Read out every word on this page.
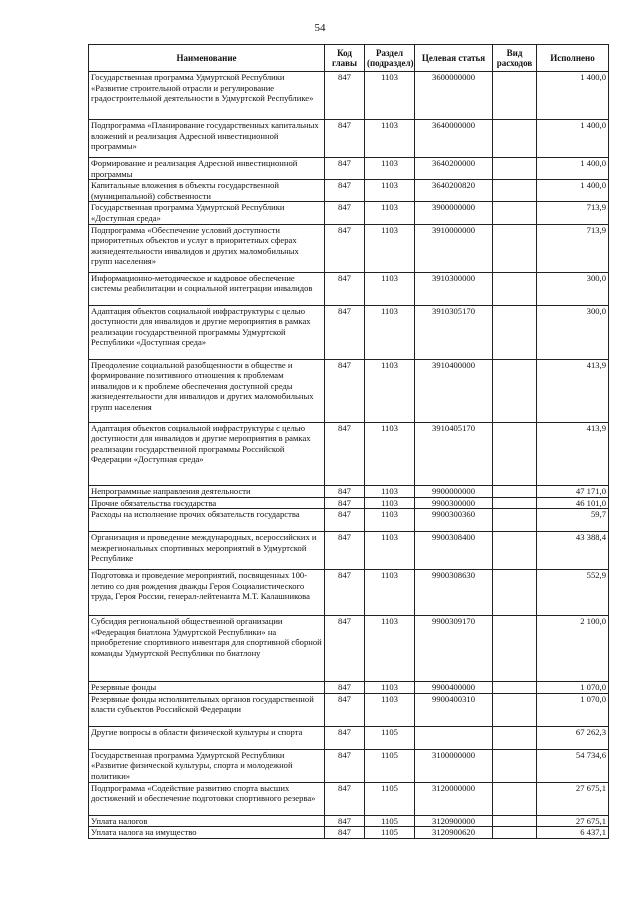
54
Наименование	Код главы	Раздел (подраздел)	Целевая статья	Вид расходов	Исполнено
Государственная программа Удмуртской Республики «Развитие строительной отрасли и регулирование градостроительной деятельности в Удмуртской Республике»	847	1103	3600000000		1 400,0
Подпрограмма «Планирование государственных капитальных вложений и реализация Адресной инвестиционной программы»	847	1103	3640000000		1 400,0
Формирование и реализация Адресной инвестиционной программы	847	1103	3640200000		1 400,0
Капитальные вложения в объекты государственной (муниципальной) собственности	847	1103	3640200820		1 400,0
Государственная программа Удмуртской Республики «Доступная среда»	847	1103	3900000000		713,9
Подпрограмма «Обеспечение условий доступности приоритетных объектов и услуг в приоритетных сферах жизнедеятельности инвалидов и других маломобильных групп населения»	847	1103	3910000000		713,9
Информационно-методическое и кадровое обеспечение системы реабилитации и социальной интеграции инвалидов	847	1103	3910300000		300,0
Адаптация объектов социальной инфраструктуры с целью доступности для инвалидов и другие мероприятия в рамках реализации государственной программы Удмуртской Республики «Доступная среда»	847	1103	3910305170		300,0
Преодоление социальной разобщенности в обществе и формирование позитивного отношения к проблемам инвалидов и к проблеме обеспечения доступной среды жизнедеятельности для инвалидов и других маломобильных групп населения	847	1103	3910400000		413,9
Адаптация объектов социальной инфраструктуры с целью доступности для инвалидов и другие мероприятия в рамках реализации государственной программы Российской Федерации «Доступная среда»	847	1103	3910405170		413,9
Непрограммные направления деятельности	847	1103	9900000000		47 171,0
Прочие обязательства государства	847	1103	9900300000		46 101,0
Расходы на исполнение прочих обязательств государства	847	1103	9900300360		59,7
Организация и проведение международных, всероссийских и межрегиональных спортивных мероприятий в Удмуртской Республике	847	1103	9900308400		43 388,4
Подготовка и проведение мероприятий, посвященных 100-летию со дня рождения дважды Героя Социалистического труда, Героя России, генерал-лейтенанта М.Т. Калашникова	847	1103	9900308630		552,9
Субсидия региональной общественной организации «Федерация биатлона Удмуртской Республики» на приобретение спортивного инвентаря для спортивной сборной команды Удмуртской Республики по биатлону	847	1103	9900309170		2 100,0
Резервные фонды	847	1103	9900400000		1 070,0
Резервные фонды исполнительных органов государственной власти субъектов Российской Федерации	847	1103	9900400310		1 070,0
Другие вопросы в области физической культуры и спорта	847	1105			67 262,3
Государственная программа Удмуртской Республики «Развитие физической культуры, спорта и молодежной политики»	847	1105	3100000000		54 734,6
Подпрограмма «Содействие развитию спорта высших достижений и обеспечение подготовки спортивного резерва»	847	1105	3120000000		27 675,1
Уплата налогов	847	1105	3120900000		27 675,1
Уплата налога на имущество	847	1105	3120900620		6 437,1
